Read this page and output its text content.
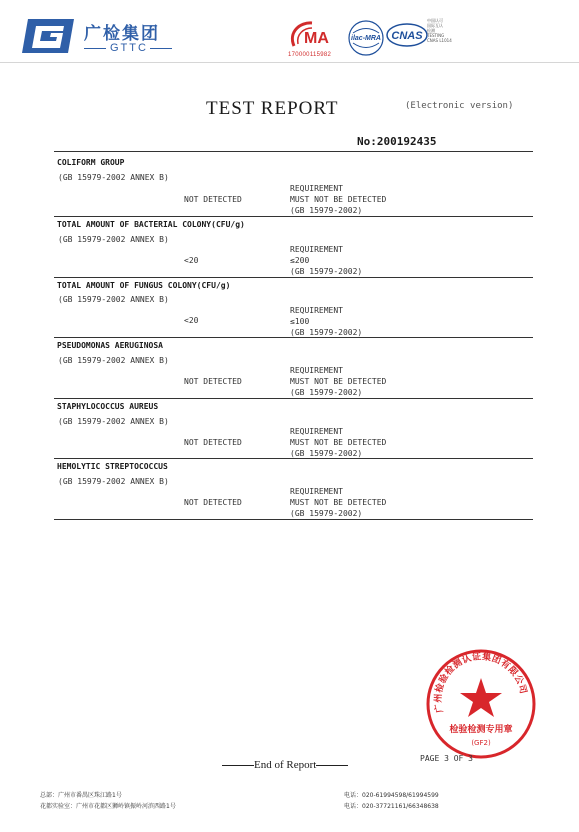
广检集团
GTTC
MA
170000115982
ilac-MRA CNAS
中国认可
国际互认
检测
TESTING
CNAS L1014
TEST REPORT	(Electronic version)
No:200192435
COLIFORM GROUP
(GB 15979-2002 ANNEX B)
NOT DETECTED
REQUIREMENT
MUST NOT BE DETECTED
(GB 15979-2002)
TOTAL AMOUNT OF BACTERIAL COLONY(CFU/g)
(GB 15979-2002 ANNEX B)
<20
REQUIREMENT
≤200
(GB 15979-2002)
TOTAL AMOUNT OF FUNGUS COLONY(CFU/g)
(GB 15979-2002 ANNEX B)
<20
REQUIREMENT
≤100
(GB 15979-2002)
PSEUDOMONAS AERUGINOSA
(GB 15979-2002 ANNEX B)
NOT DETECTED
REQUIREMENT
MUST NOT BE DETECTED
(GB 15979-2002)
STAPHYLOCOCCUS AUREUS
(GB 15979-2002 ANNEX B)
NOT DETECTED
REQUIREMENT
MUST NOT BE DETECTED
(GB 15979-2002)
HEMOLYTIC STREPTOCOCCUS
(GB 15979-2002 ANNEX B)
NOT DETECTED
REQUIREMENT
MUST NOT BE DETECTED
(GB 15979-2002)
广州检验检测认证集团有限公司
检验检测专用章
(GF2)
PAGE 3 OF 3
End of Report
总部：广州市番禺区珠江路1号
花都实验室：广州市花都区狮岭镇振岭河滨西路1号
电话：020-61994598/61994599
电话：020-37721161/66348638
